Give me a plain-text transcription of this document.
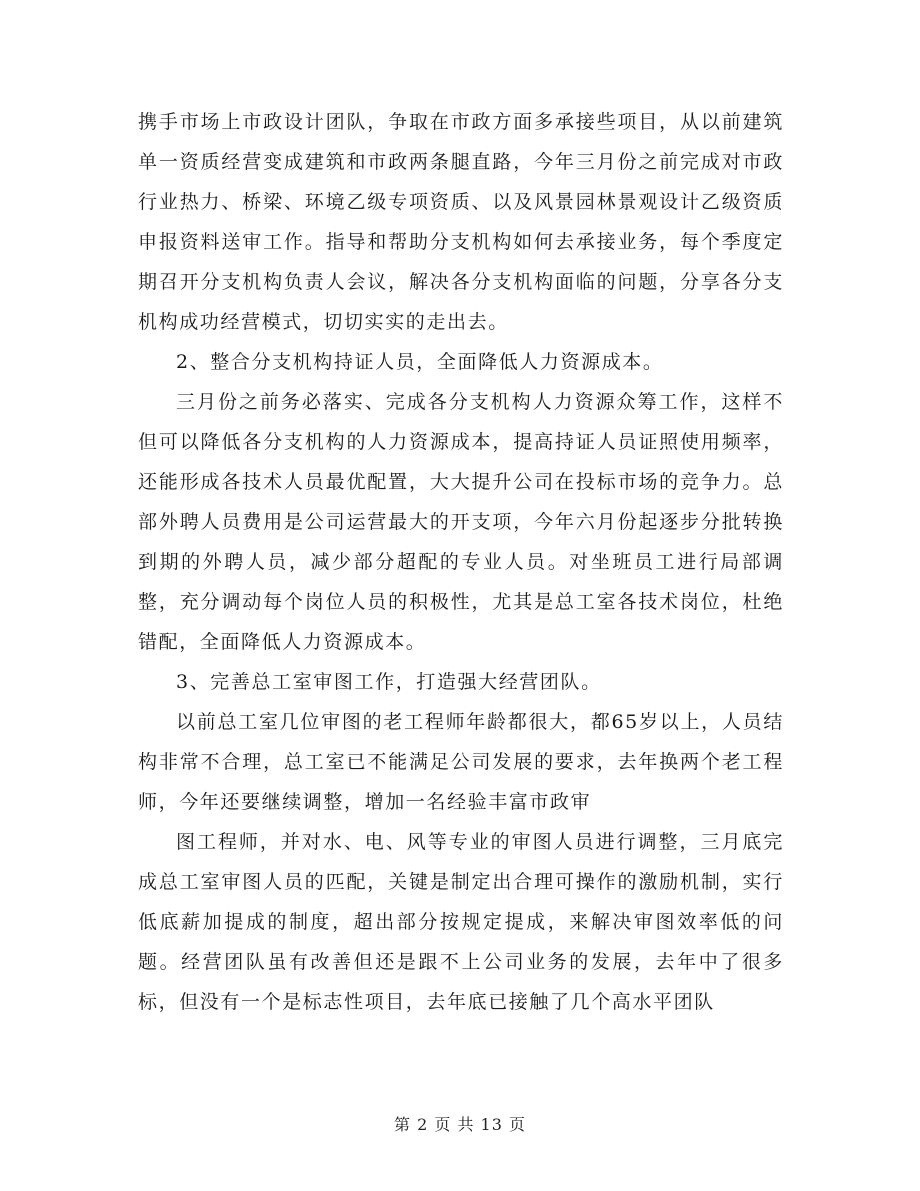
携手市场上市政设计团队，争取在市政方面多承接些项目，从以前建筑单一资质经营变成建筑和市政两条腿直路，今年三月份之前完成对市政行业热力、桥梁、环境乙级专项资质、以及风景园林景观设计乙级资质申报资料送审工作。指导和帮助分支机构如何去承接业务，每个季度定期召开分支机构负责人会议，解决各分支机构面临的问题，分享各分支机构成功经营模式，切切实实的走出去。

2、整合分支机构持证人员，全面降低人力资源成本。

三月份之前务必落实、完成各分支机构人力资源众筹工作，这样不但可以降低各分支机构的人力资源成本，提高持证人员证照使用频率，还能形成各技术人员最优配置，大大提升公司在投标市场的竞争力。总部外聘人员费用是公司运营最大的开支项，今年六月份起逐步分批转换到期的外聘人员，减少部分超配的专业人员。对坐班员工进行局部调整，充分调动每个岗位人员的积极性，尤其是总工室各技术岗位，杜绝错配，全面降低人力资源成本。

3、完善总工室审图工作，打造强大经营团队。

以前总工室几位审图的老工程师年龄都很大，都65岁以上，人员结构非常不合理，总工室已不能满足公司发展的要求，去年换两个老工程师，今年还要继续调整，增加一名经验丰富市政审

图工程师，并对水、电、风等专业的审图人员进行调整，三月底完成总工室审图人员的匹配，关键是制定出合理可操作的激励机制，实行低底薪加提成的制度，超出部分按规定提成，来解决审图效率低的问题。经营团队虽有改善但还是跟不上公司业务的发展，去年中了很多标，但没有一个是标志性项目，去年底已接触了几个高水平团队

第 2 页 共 13 页
